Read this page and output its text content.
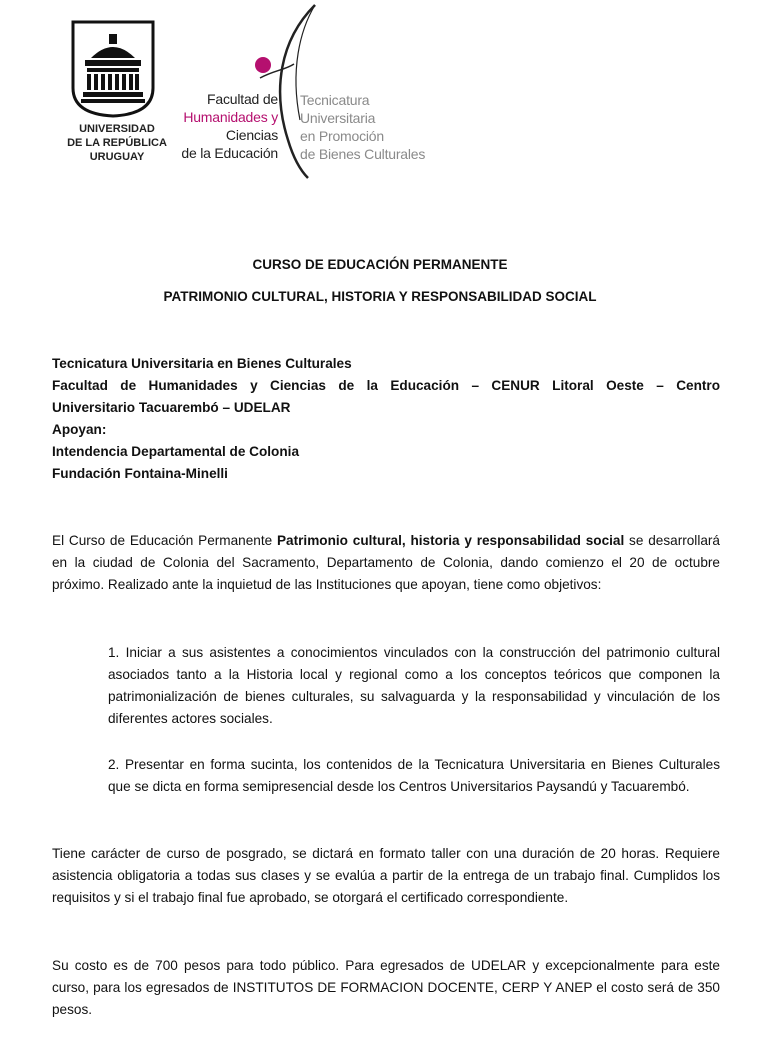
UNIVERSIDAD
DE LA REPÚBLICA
URUGUAY
Facultad de
Humanidades y
Ciencias
de la Educación
Tecnicatura
Universitaria
en Promoción
de Bienes Culturales
CURSO DE EDUCACIÓN PERMANENTE
PATRIMONIO CULTURAL, HISTORIA Y RESPONSABILIDAD SOCIAL
Tecnicatura Universitaria en Bienes Culturales
Facultad de Humanidades y Ciencias de la Educación – CENUR Litoral Oeste – Centro
Universitario Tacuarembó – UDELAR
Apoyan:
Intendencia Departamental de Colonia
Fundación Fontaina-Minelli
El Curso de Educación Permanente Patrimonio cultural, historia y responsabilidad social se desarrollará en la ciudad de Colonia del Sacramento, Departamento de Colonia, dando comienzo el 20 de octubre próximo. Realizado ante la inquietud de las Instituciones que apoyan, tiene como objetivos:
1. Iniciar a sus asistentes a conocimientos vinculados con la construcción del patrimonio cultural asociados tanto a la Historia local y regional como a los conceptos teóricos que componen la patrimonialización de bienes culturales, su salvaguarda y la responsabilidad y vinculación de los diferentes actores sociales.
2. Presentar en forma sucinta, los contenidos de la Tecnicatura Universitaria en Bienes Culturales que se dicta en forma semipresencial desde los Centros Universitarios Paysandú y Tacuarembó.
Tiene carácter de curso de posgrado, se dictará en formato taller con una duración de 20 horas. Requiere asistencia obligatoria a todas sus clases y se evalúa a partir de la entrega de un trabajo final. Cumplidos los requisitos y si el trabajo final fue aprobado, se otorgará el certificado correspondiente.
Su costo es de 700 pesos para todo público. Para egresados de UDELAR y excepcionalmente para este curso, para los egresados de INSTITUTOS DE FORMACION DOCENTE, CERP Y ANEP el costo será de 350 pesos.
